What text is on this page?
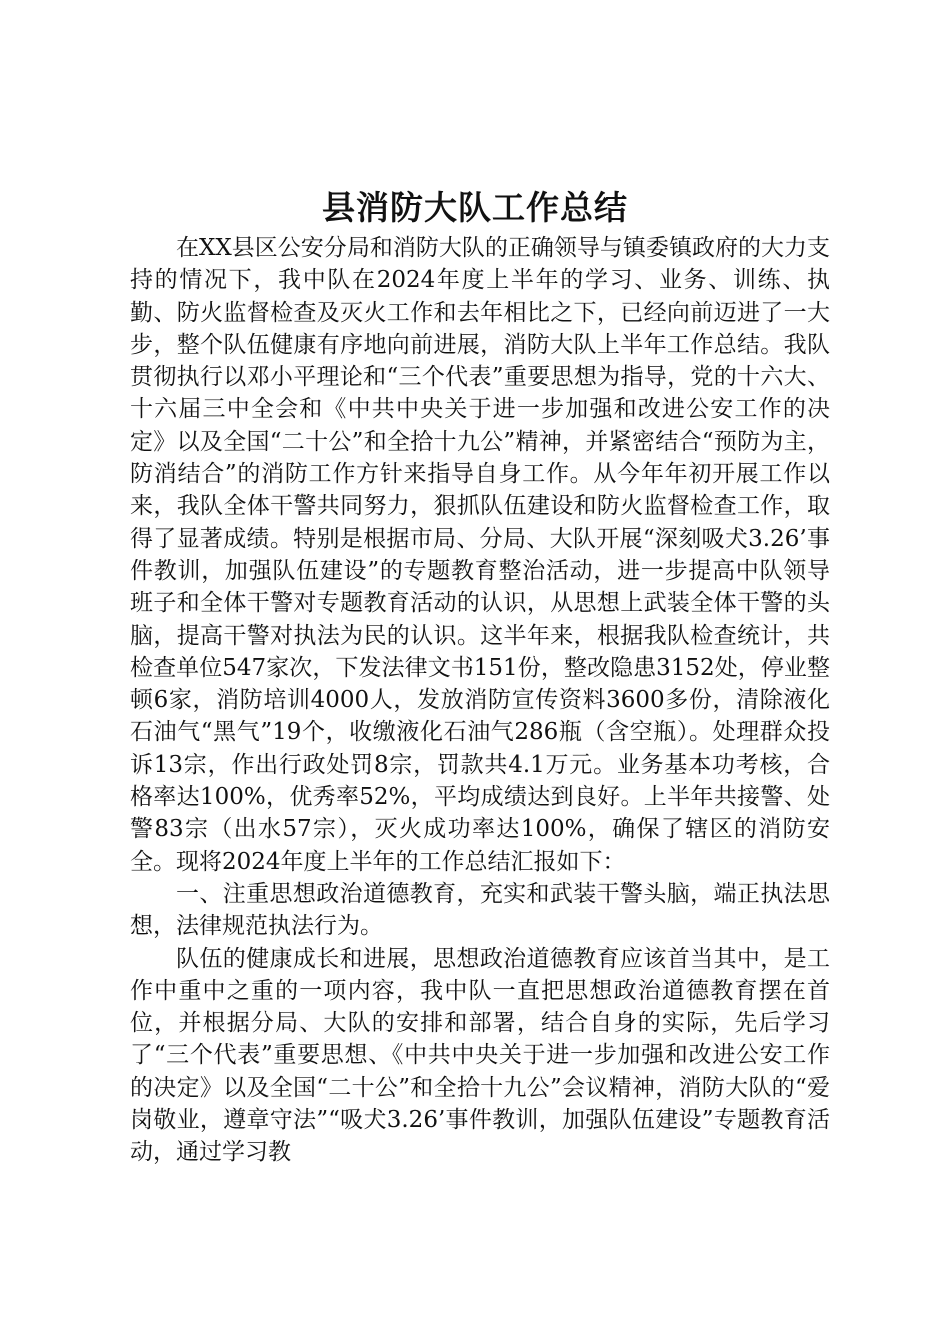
县消防大队工作总结

在XX县区公安分局和消防大队的正确领导与镇委镇政府的大力支持的情况下，我中队在2024年度上半年的学习、业务、训练、执勤、防火监督检查及灭火工作和去年相比之下，已经向前迈进了一大步，整个队伍健康有序地向前进展，消防大队上半年工作总结。我队贯彻执行以邓小平理论和“三个代表”重要思想为指导，党的十六大、十六届三中全会和《中共中央关于进一步加强和改进公安工作的决定》以及全国“二十公”和全拾十九公”精神，并紧密结合“预防为主，防消结合”的消防工作方针来指导自身工作。从今年年初开展工作以来，我队全体干警共同努力，狠抓队伍建设和防火监督检查工作，取得了显著成绩。特别是根据市局、分局、大队开展“深刻吸犬3.26’事件教训，加强队伍建设”的专题教育整治活动，进一步提高中队领导班子和全体干警对专题教育活动的认识，从思想上武装全体干警的头脑，提高干警对执法为民的认识。这半年来，根据我队检查统计，共检查单位547家次，下发法律文书151份，整改隐患3152处，停业整顿6家，消防培训4000人，发放消防宣传资料3600多份，清除液化石油气“黑气”19个，收缴液化石油气286瓶（含空瓶）。处理群众投诉13宗，作出行政处罚8宗，罚款共4.1万元。业务基本功考核，合格率达100%，优秀率52%，平均成绩达到良好。上半年共接警、处警83宗（出水57宗），灭火成功率达100%，确保了辖区的消防安全。现将2024年度上半年的工作总结汇报如下：

一、注重思想政治道德教育，充实和武装干警头脑，端正执法思想，法律规范执法行为。

队伍的健康成长和进展，思想政治道德教育应该首当其中，是工作中重中之重的一项内容，我中队一直把思想政治道德教育摆在首位，并根据分局、大队的安排和部署，结合自身的实际，先后学习了“三个代表”重要思想、《中共中央关于进一步加强和改进公安工作的决定》以及全国“二十公”和全拾十九公”会议精神，消防大队的“爱岗敬业，遵章守法”“吸犬3.26’事件教训，加强队伍建设”专题教育活动，通过学习教
